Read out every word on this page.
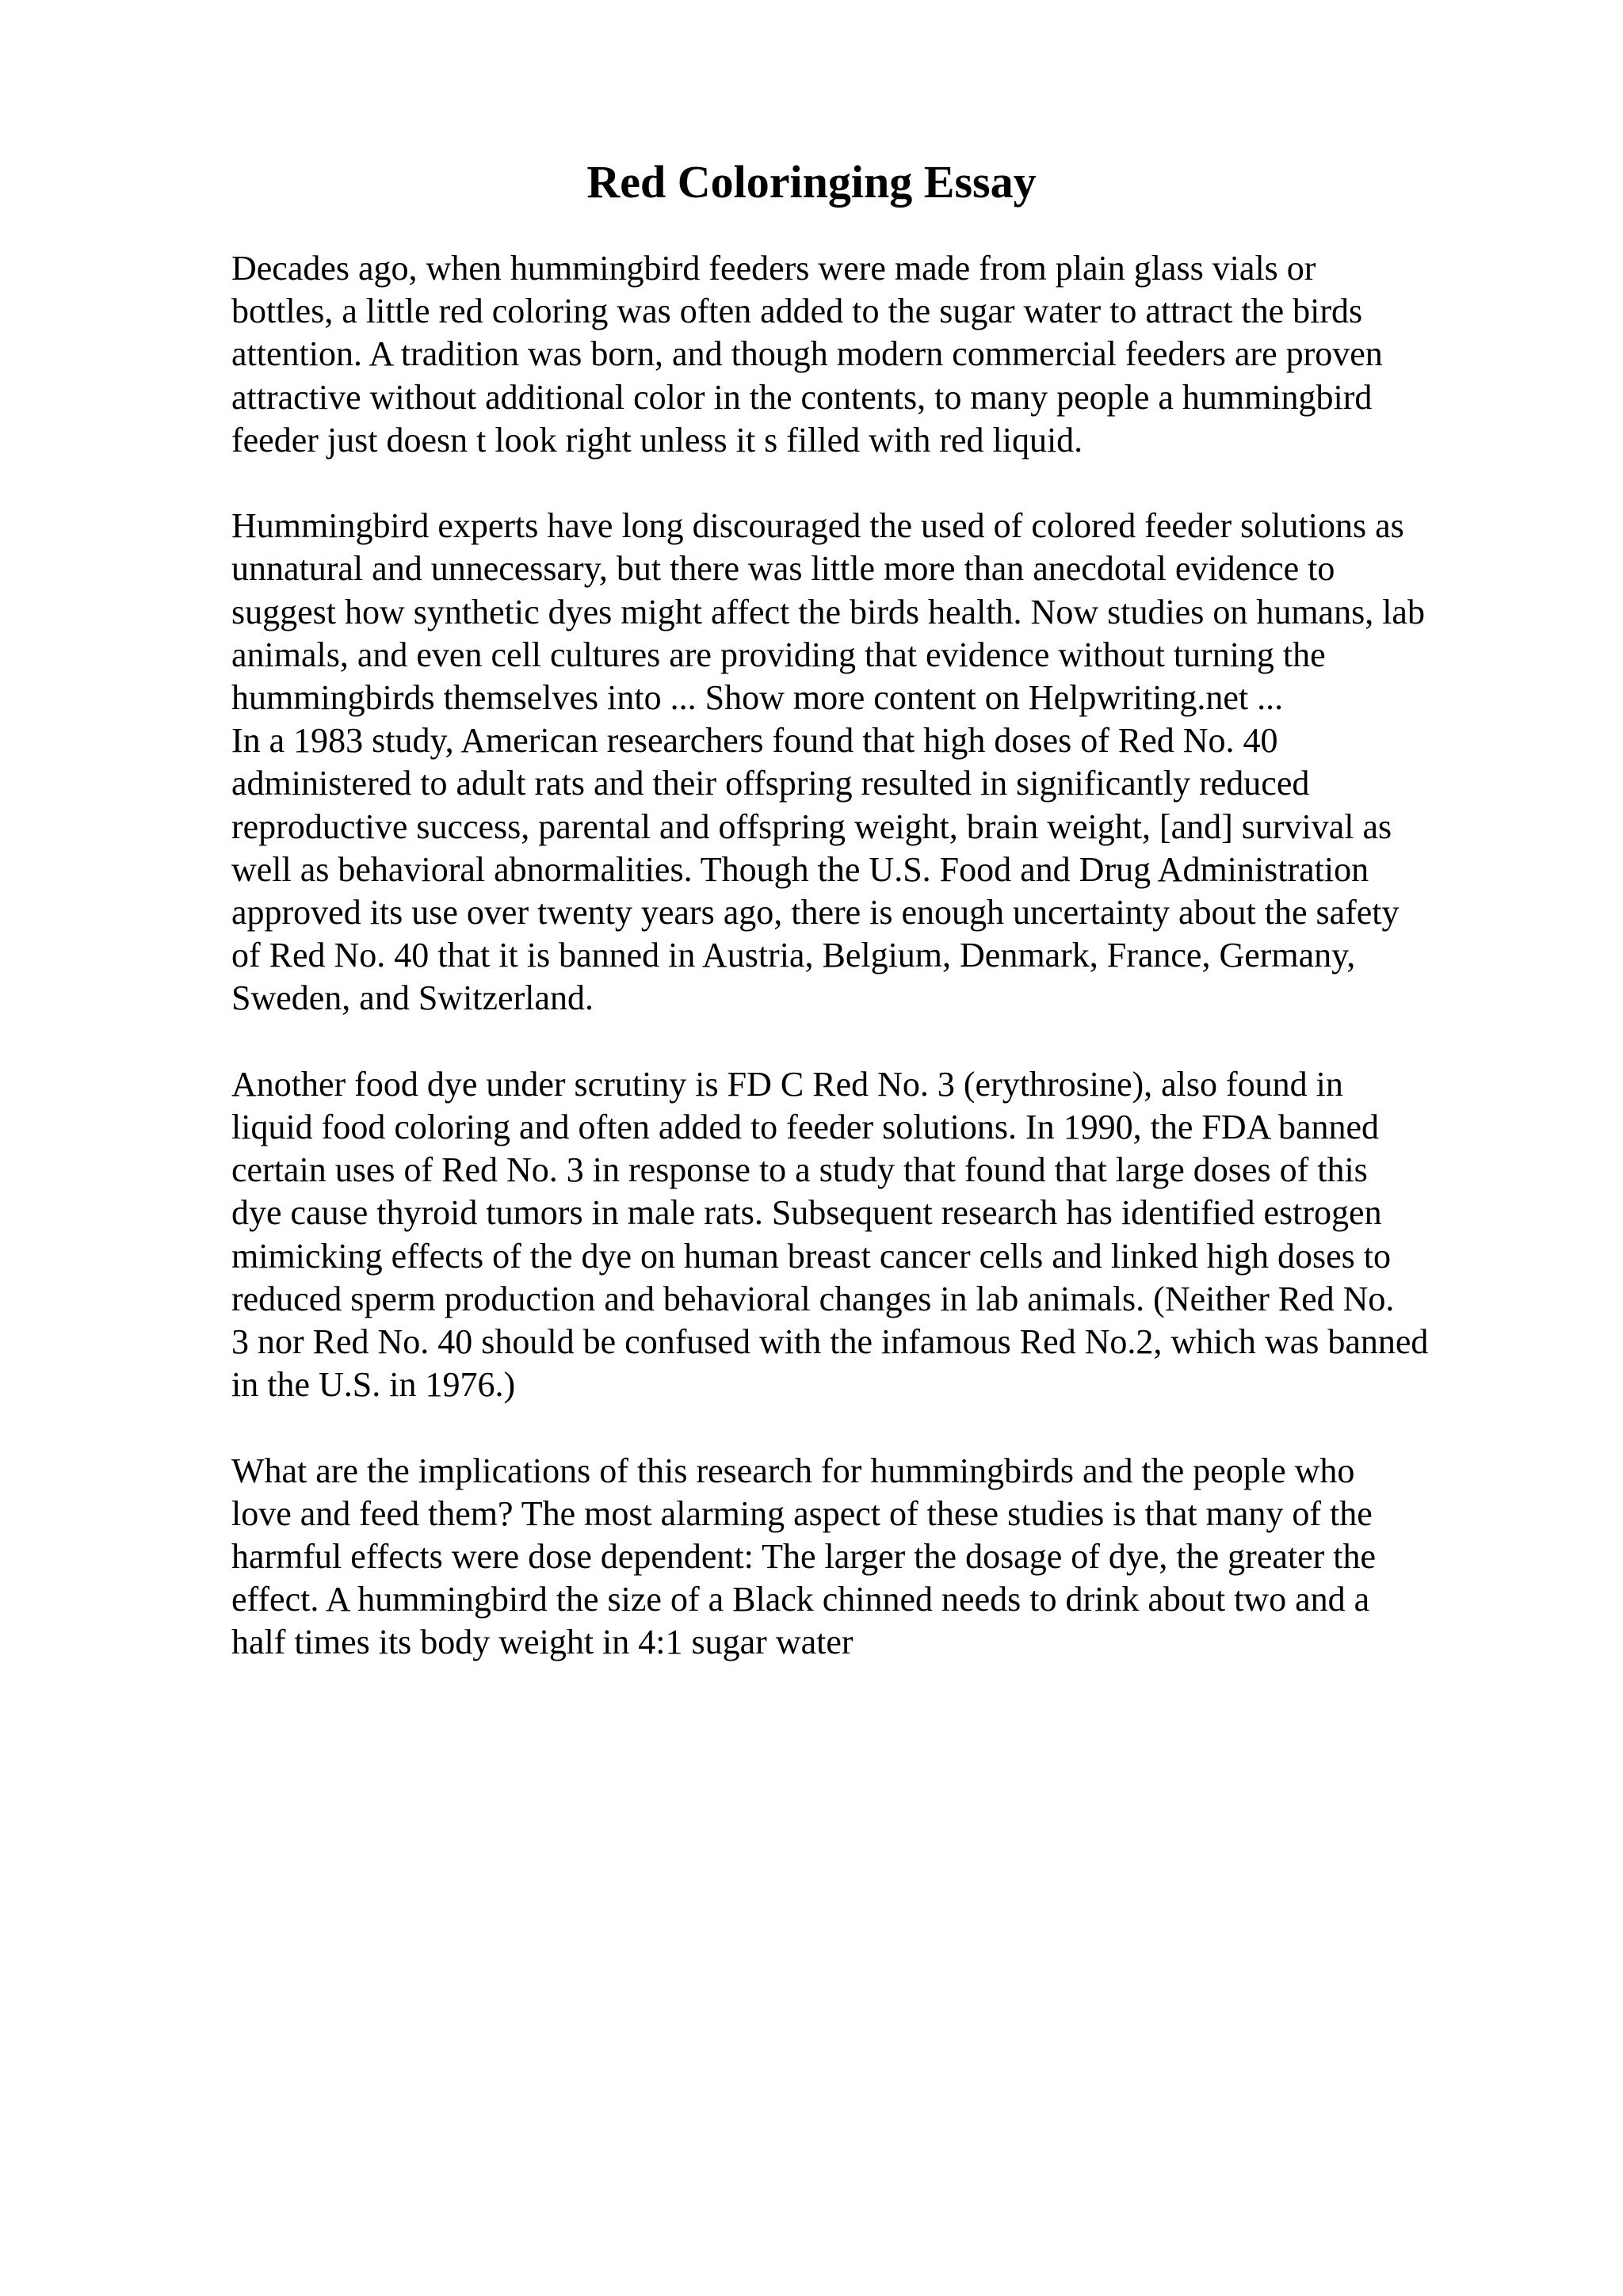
Red Coloringing Essay
Decades ago, when hummingbird feeders were made from plain glass vials or
bottles, a little red coloring was often added to the sugar water to attract the birds
attention. A tradition was born, and though modern commercial feeders are proven
attractive without additional color in the contents, to many people a hummingbird
feeder just doesn t look right unless it s filled with red liquid.
Hummingbird experts have long discouraged the used of colored feeder solutions as
unnatural and unnecessary, but there was little more than anecdotal evidence to
suggest how synthetic dyes might affect the birds health. Now studies on humans, lab
animals, and even cell cultures are providing that evidence without turning the
hummingbirds themselves into ... Show more content on Helpwriting.net ...
In a 1983 study, American researchers found that high doses of Red No. 40
administered to adult rats and their offspring resulted in significantly reduced
reproductive success, parental and offspring weight, brain weight, [and] survival as
well as behavioral abnormalities. Though the U.S. Food and Drug Administration
approved its use over twenty years ago, there is enough uncertainty about the safety
of Red No. 40 that it is banned in Austria, Belgium, Denmark, France, Germany,
Sweden, and Switzerland.
Another food dye under scrutiny is FD C Red No. 3 (erythrosine), also found in
liquid food coloring and often added to feeder solutions. In 1990, the FDA banned
certain uses of Red No. 3 in response to a study that found that large doses of this
dye cause thyroid tumors in male rats. Subsequent research has identified estrogen
mimicking effects of the dye on human breast cancer cells and linked high doses to
reduced sperm production and behavioral changes in lab animals. (Neither Red No.
3 nor Red No. 40 should be confused with the infamous Red No.2, which was banned
in the U.S. in 1976.)
What are the implications of this research for hummingbirds and the people who
love and feed them? The most alarming aspect of these studies is that many of the
harmful effects were dose dependent: The larger the dosage of dye, the greater the
effect. A hummingbird the size of a Black chinned needs to drink about two and a
half times its body weight in 4:1 sugar water
